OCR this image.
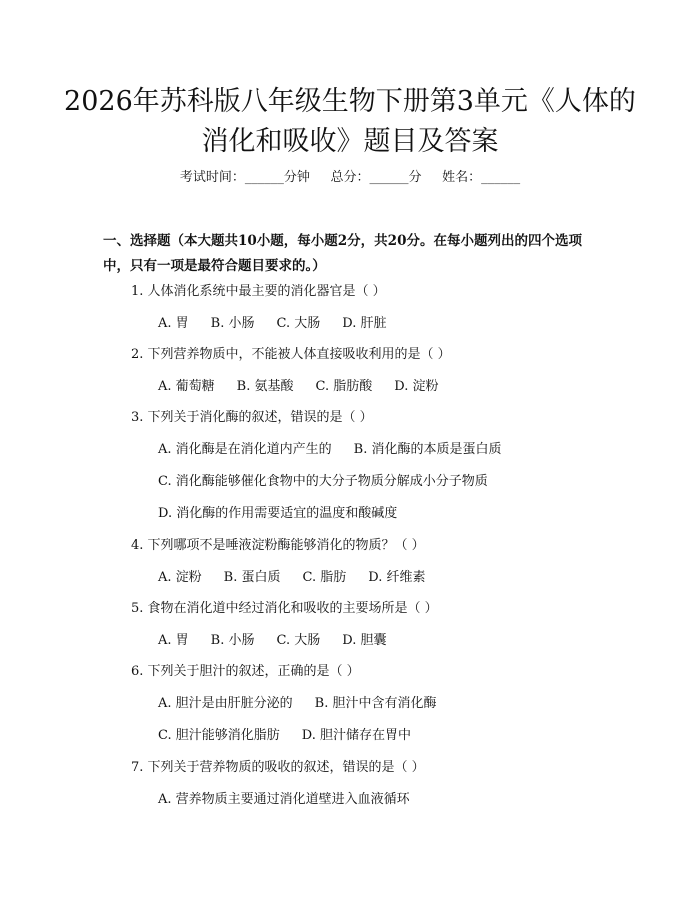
2026年苏科版八年级生物下册第3单元《人体的消化和吸收》题目及答案
考试时间：______分钟     总分：______分     姓名：______
一、选择题（本大题共10小题，每小题2分，共20分。在每小题列出的四个选项中，只有一项是最符合题目要求的。）
1. 人体消化系统中最主要的消化器官是（ ）
A. 胃 B. 小肠 C. 大肠 D. 肝脏
2. 下列营养物质中，不能被人体直接吸收利用的是（ ）
A. 葡萄糖 B. 氨基酸 C. 脂肪酸 D. 淀粉
3. 下列关于消化酶的叙述，错误的是（ ）
A. 消化酶是在消化道内产生的 B. 消化酶的本质是蛋白质
C. 消化酶能够催化食物中的大分子物质分解成小分子物质
D. 消化酶的作用需要适宜的温度和酸碱度
4. 下列哪项不是唾液淀粉酶能够消化的物质？（ ）
A. 淀粉 B. 蛋白质 C. 脂肪 D. 纤维素
5. 食物在消化道中经过消化和吸收的主要场所是（ ）
A. 胃 B. 小肠 C. 大肠 D. 胆囊
6. 下列关于胆汁的叙述，正确的是（ ）
A. 胆汁是由肝脏分泌的 B. 胆汁中含有消化酶
C. 胆汁能够消化脂肪 D. 胆汁储存在胃中
7. 下列关于营养物质的吸收的叙述，错误的是（ ）
A. 营养物质主要通过消化道壁进入血液循环
